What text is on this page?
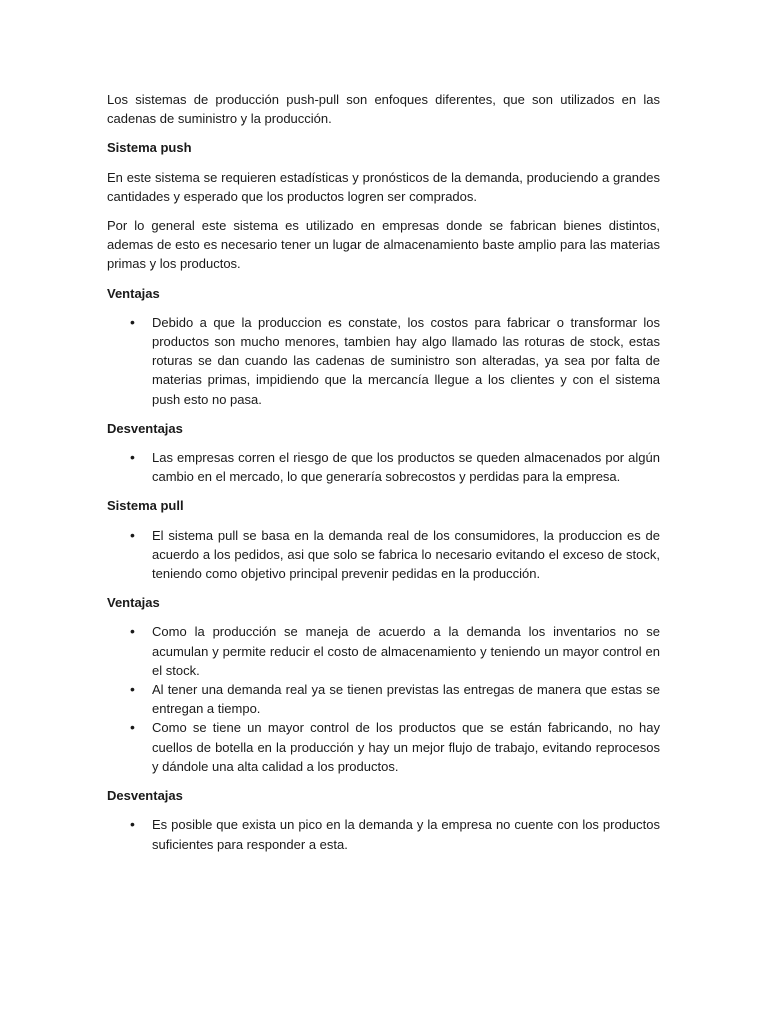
Los sistemas de producción push-pull son enfoques diferentes, que son utilizados en las cadenas de suministro y la producción.

Sistema push

En este sistema se requieren estadísticas y pronósticos de la demanda, produciendo a grandes cantidades y esperado que los productos logren ser comprados.

Por lo general este sistema es utilizado en empresas donde se fabrican bienes distintos, ademas de esto es necesario tener un lugar de almacenamiento baste amplio para las materias primas y los productos.

Ventajas
• Debido a que la produccion es constate, los costos para fabricar o transformar los productos son mucho menores, tambien hay algo llamado las roturas de stock, estas roturas se dan cuando las cadenas de suministro son alteradas, ya sea por falta de materias primas, impidiendo que la mercancía llegue a los clientes y con el sistema push esto no pasa.
Desventajas
• Las empresas corren el riesgo de que los productos se queden almacenados por algún cambio en el mercado, lo que generaría sobrecostos y perdidas para la empresa.
Sistema pull
• El sistema pull se basa en la demanda real de los consumidores, la produccion es de acuerdo a los pedidos, asi que solo se fabrica lo necesario evitando el exceso de stock, teniendo como objetivo principal prevenir pedidas en la producción.
Ventajas
• Como la producción se maneja de acuerdo a la demanda los inventarios no se acumulan y permite reducir el costo de almacenamiento y teniendo un mayor control en el stock.
• Al tener una demanda real ya se tienen previstas las entregas de manera que estas se entregan a tiempo.
• Como se tiene un mayor control de los productos que se están fabricando, no hay cuellos de botella en la producción y hay un mejor flujo de trabajo, evitando reprocesos y dándole una alta calidad a los productos.
Desventajas
• Es posible que exista un pico en la demanda y la empresa no cuente con los productos suficientes para responder a esta.
